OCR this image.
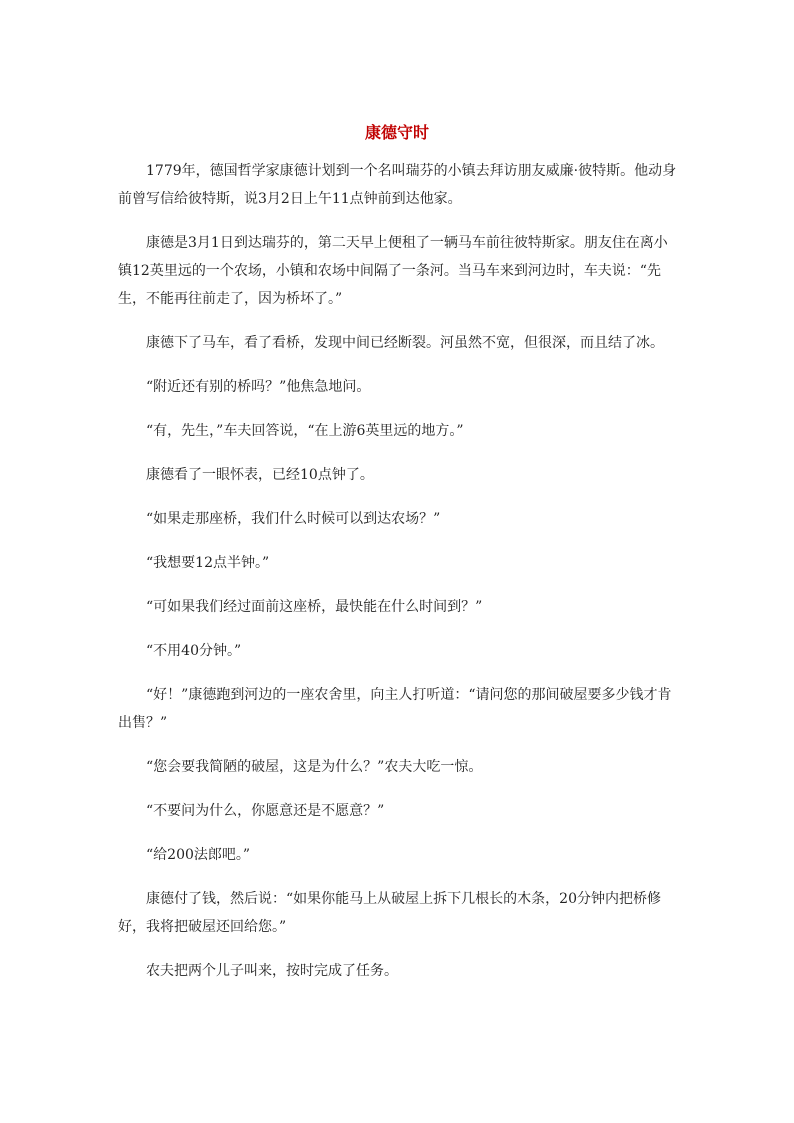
康德守时

1779年，德国哲学家康德计划到一个名叫瑞芬的小镇去拜访朋友威廉·彼特斯。他动身前曾写信给彼特斯，说3月2日上午11点钟前到达他家。

康德是3月1日到达瑞芬的，第二天早上便租了一辆马车前往彼特斯家。朋友住在离小镇12英里远的一个农场，小镇和农场中间隔了一条河。当马车来到河边时，车夫说：“先生，不能再往前走了，因为桥坏了。”

康德下了马车，看了看桥，发现中间已经断裂。河虽然不宽，但很深，而且结了冰。

“附近还有别的桥吗？”他焦急地问。

“有，先生，”车夫回答说，“在上游6英里远的地方。”

康德看了一眼怀表，已经10点钟了。

“如果走那座桥，我们什么时候可以到达农场？”

“我想要12点半钟。”

“可如果我们经过面前这座桥，最快能在什么时间到？”

“不用40分钟。”

“好！”康德跑到河边的一座农舍里，向主人打听道：“请问您的那间破屋要多少钱才肯出售？”

“您会要我简陋的破屋，这是为什么？”农夫大吃一惊。

“不要问为什么，你愿意还是不愿意？”

“给200法郎吧。”

康德付了钱，然后说：“如果你能马上从破屋上拆下几根长的木条，20分钟内把桥修好，我将把破屋还回给您。”

农夫把两个儿子叫来，按时完成了任务。
